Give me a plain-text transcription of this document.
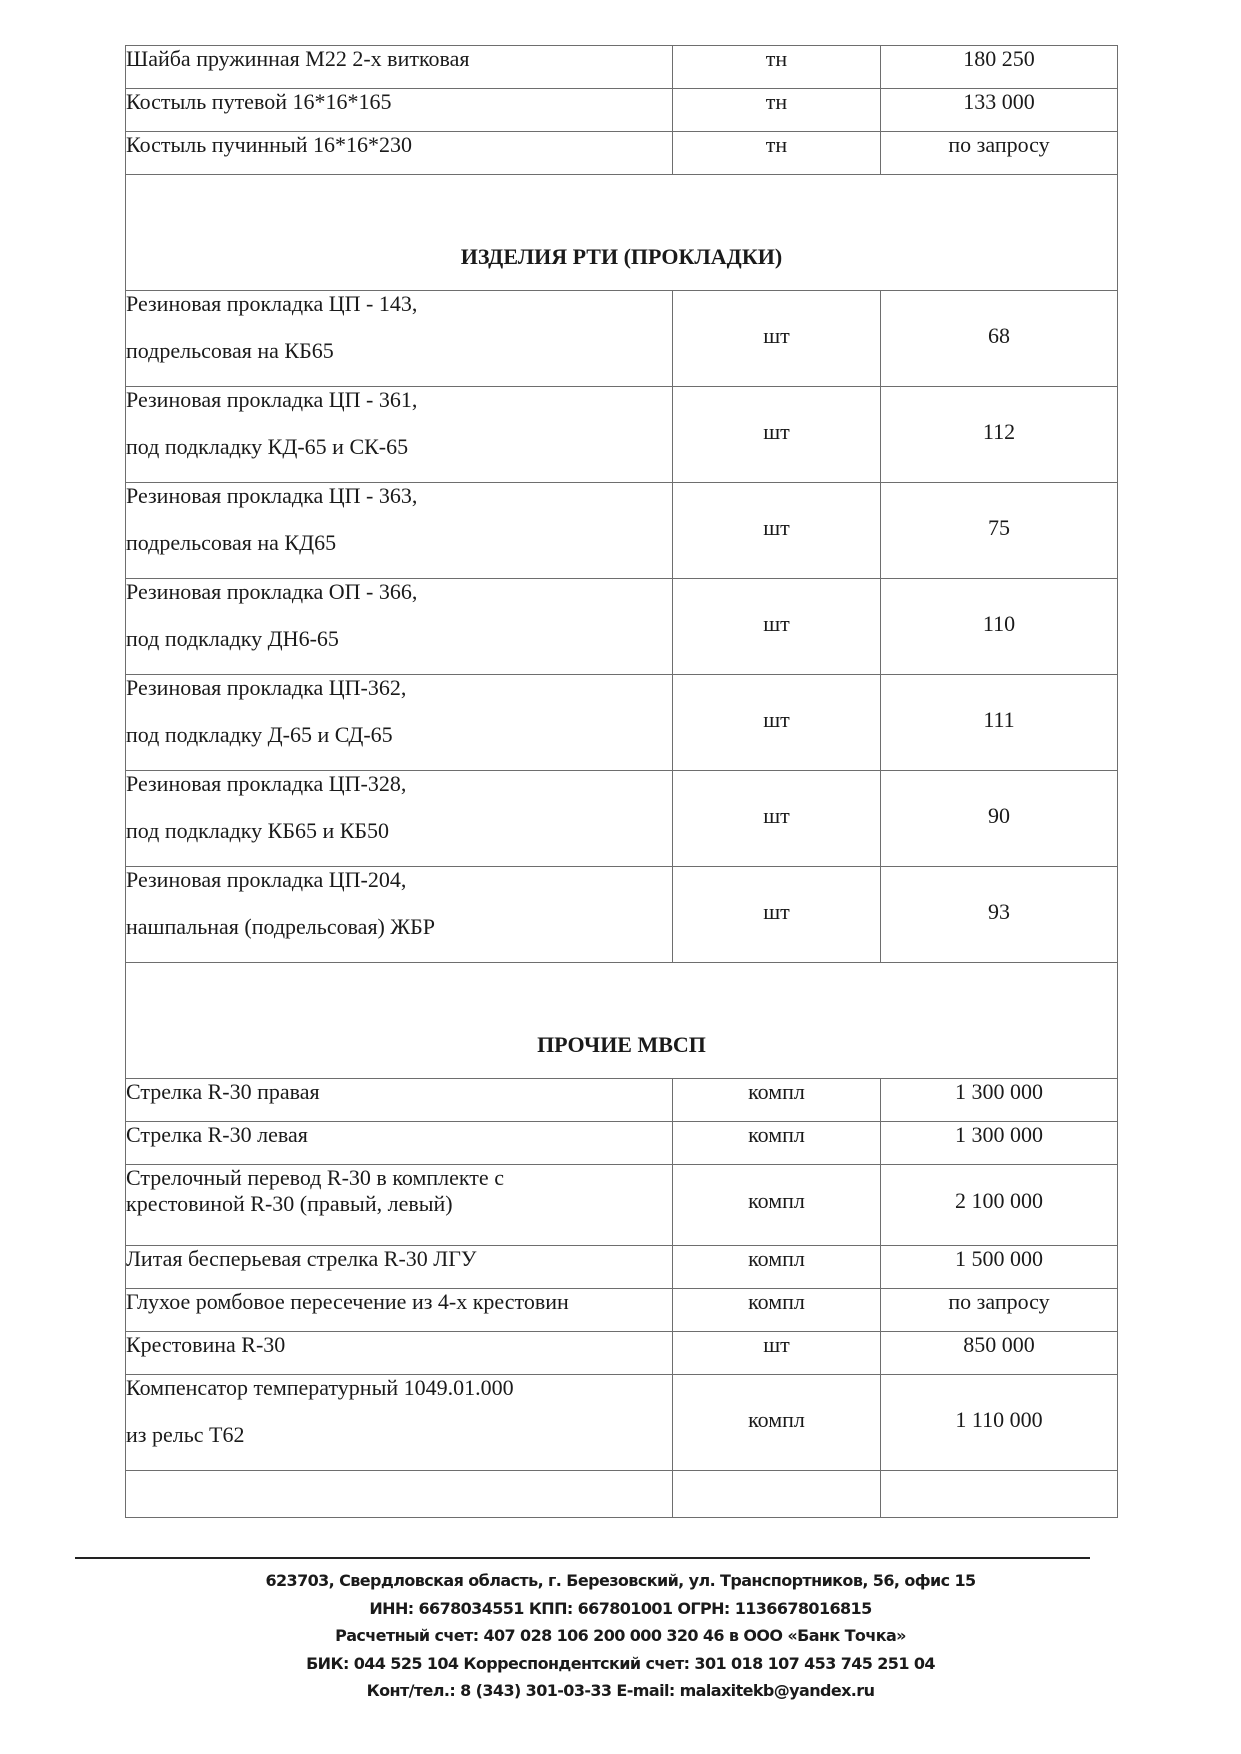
Шайба пружинная М22 2-х витковая	тн	180 250
Костыль путевой 16*16*165	тн	133 000
Костыль пучинный 16*16*230	тн	по запросу
ИЗДЕЛИЯ РТИ (ПРОКЛАДКИ)		
Резиновая прокладка ЦП - 143,
подрельсовая на КБ65	шт	68
Резиновая прокладка ЦП - 361,
под подкладку КД-65 и СК-65	шт	112
Резиновая прокладка ЦП - 363,
подрельсовая на КД65	шт	75
Резиновая прокладка ОП - 366,
под подкладку ДН6-65	шт	110
Резиновая прокладка ЦП-362,
под подкладку Д-65 и СД-65	шт	111
Резиновая прокладка ЦП-328,
под подкладку КБ65 и КБ50	шт	90
Резиновая прокладка ЦП-204,
нашпальная (подрельсовая) ЖБР	шт	93
ПРОЧИЕ МВСП		
Стрелка R-30 правая	компл	1 300 000
Стрелка R-30 левая	компл	1 300 000
Стрелочный перевод R-30 в комплекте с
крестовиной R-30 (правый, левый)	компл	2 100 000
Литая бесперьевая стрелка R-30 ЛГУ	компл	1 500 000
Глухое ромбовое пересечение из 4-х крестовин	компл	по запросу
Крестовина R-30	шт	850 000
Компенсатор температурный 1049.01.000
из рельс Т62	компл	1 110 000

623703, Свердловская область, г. Березовский, ул. Транспортников, 56, офис 15
ИНН: 6678034551 КПП: 667801001 ОГРН: 1136678016815
Расчетный счет: 407 028 106 200 000 320 46 в ООО «Банк Точка»
БИК: 044 525 104 Корреспондентский счет: 301 018 107 453 745 251 04
Конт/тел.: 8 (343) 301-03-33 E-mail: malaxitekb@yandex.ru
